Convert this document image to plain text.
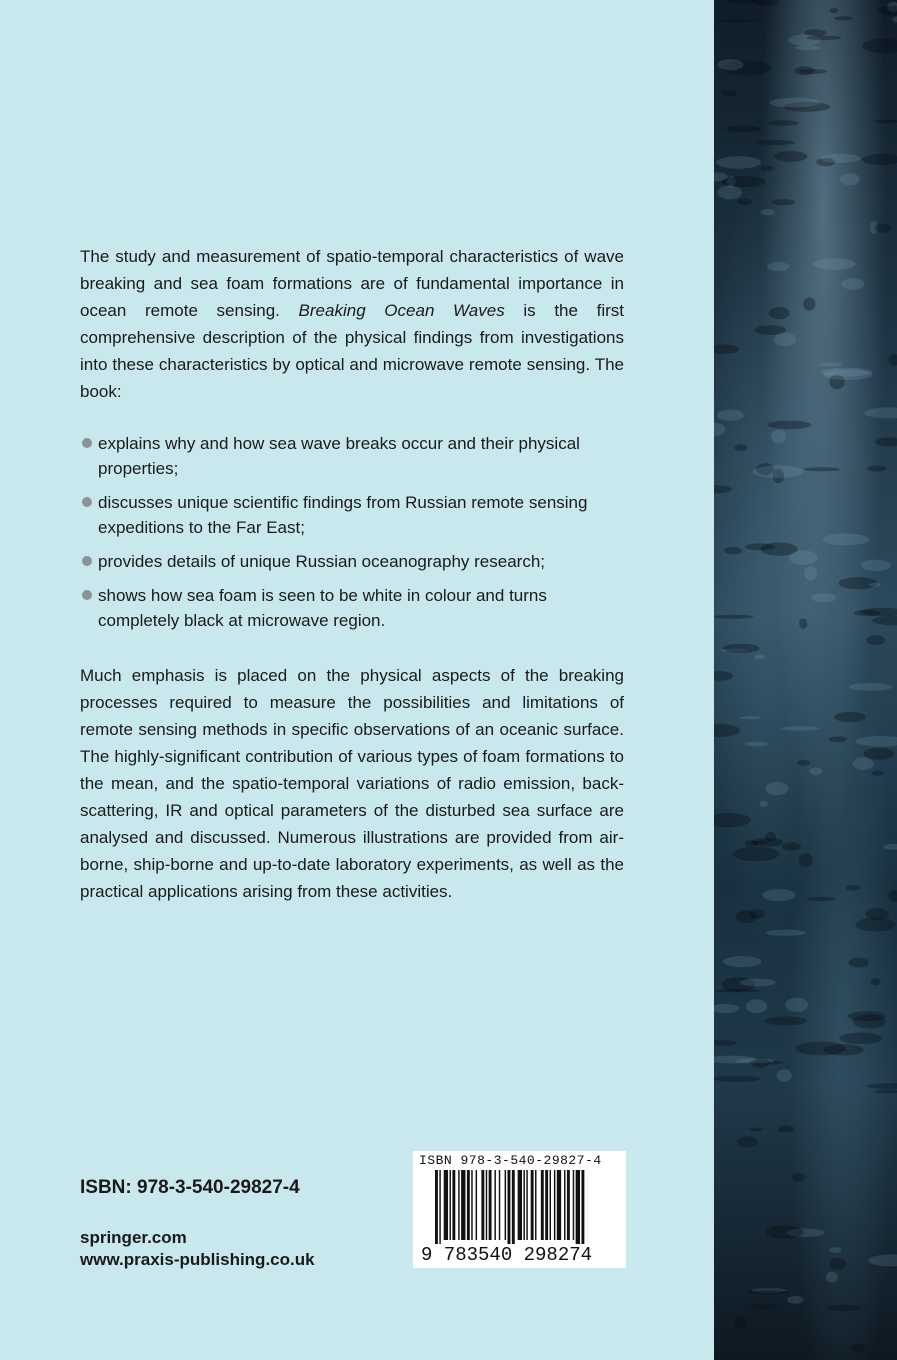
The study and measurement of spatio-temporal characteristics of wave breaking and sea foam formations are of fundamental importance in ocean remote sensing. Breaking Ocean Waves is the first comprehensive description of the physical findings from investigations into these characteristics by optical and microwave remote sensing. The book:

explains why and how sea wave breaks occur and their physical properties;
discusses unique scientific findings from Russian remote sensing expeditions to the Far East;
provides details of unique Russian oceanography research;
shows how sea foam is seen to be white in colour and turns completely black at microwave region.

Much emphasis is placed on the physical aspects of the breaking processes required to measure the possibilities and limitations of remote sensing methods in specific observations of an oceanic surface. The highly-significant contribution of various types of foam formations to the mean, and the spatio-temporal variations of radio emission, back-scattering, IR and optical parameters of the disturbed sea surface are analysed and discussed. Numerous illustrations are provided from air-borne, ship-borne and up-to-date laboratory experiments, as well as the practical applications arising from these activities.

ISBN: 978-3-540-29827-4
springer.com
www.praxis-publishing.co.uk
ISBN 978-3-540-29827-4
9 783540 298274
